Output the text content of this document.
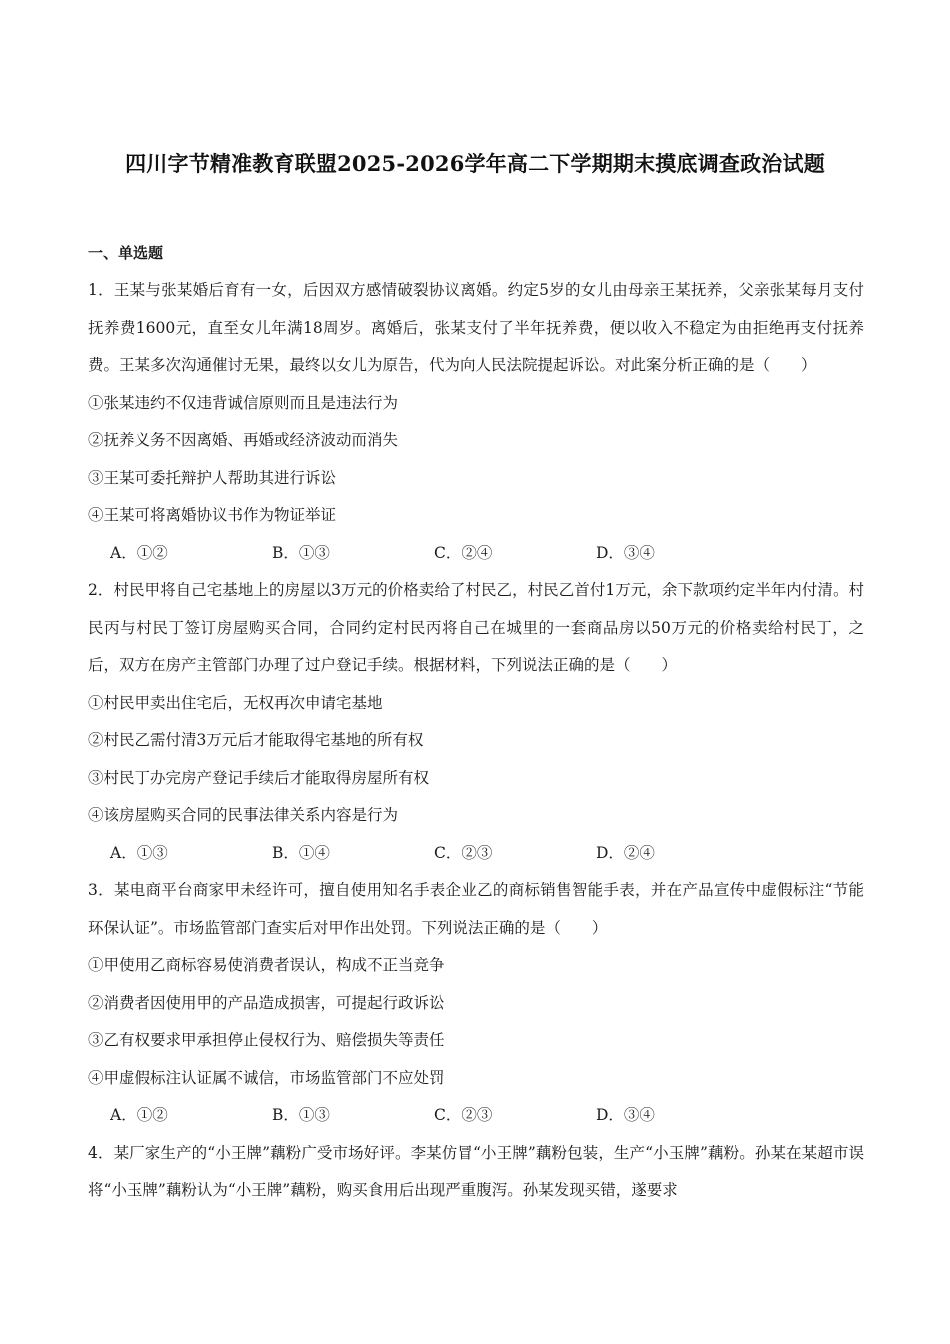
四川字节精准教育联盟2025-2026学年高二下学期期末摸底调查政治试题
一、单选题
1．王某与张某婚后育有一女，后因双方感情破裂协议离婚。约定5岁的女儿由母亲王某抚养，父亲张某每月支付抚养费1600元，直至女儿年满18周岁。离婚后，张某支付了半年抚养费，便以收入不稳定为由拒绝再支付抚养费。王某多次沟通催讨无果，最终以女儿为原告，代为向人民法院提起诉讼。对此案分析正确的是（　　）
①张某违约不仅违背诚信原则而且是违法行为
②抚养义务不因离婚、再婚或经济波动而消失
③王某可委托辩护人帮助其进行诉讼
④王某可将离婚协议书作为物证举证
A．①②	B．①③	C．②④	D．③④
2．村民甲将自己宅基地上的房屋以3万元的价格卖给了村民乙，村民乙首付1万元，余下款项约定半年内付清。村民丙与村民丁签订房屋购买合同，合同约定村民丙将自己在城里的一套商品房以50万元的价格卖给村民丁，之后，双方在房产主管部门办理了过户登记手续。根据材料，下列说法正确的是（　　）
①村民甲卖出住宅后，无权再次申请宅基地
②村民乙需付清3万元后才能取得宅基地的所有权
③村民丁办完房产登记手续后才能取得房屋所有权
④该房屋购买合同的民事法律关系内容是行为
A．①③	B．①④	C．②③	D．②④
3．某电商平台商家甲未经许可，擅自使用知名手表企业乙的商标销售智能手表，并在产品宣传中虚假标注“节能环保认证”。市场监管部门查实后对甲作出处罚。下列说法正确的是（　　）
①甲使用乙商标容易使消费者误认，构成不正当竞争
②消费者因使用甲的产品造成损害，可提起行政诉讼
③乙有权要求甲承担停止侵权行为、赔偿损失等责任
④甲虚假标注认证属不诚信，市场监管部门不应处罚
A．①②	B．①③	C．②③	D．③④
4．某厂家生产的“小王牌”藕粉广受市场好评。李某仿冒“小王牌”藕粉包装，生产“小玉牌”藕粉。孙某在某超市误将“小玉牌”藕粉认为“小王牌”藕粉，购买食用后出现严重腹泻。孙某发现买错，遂要求
